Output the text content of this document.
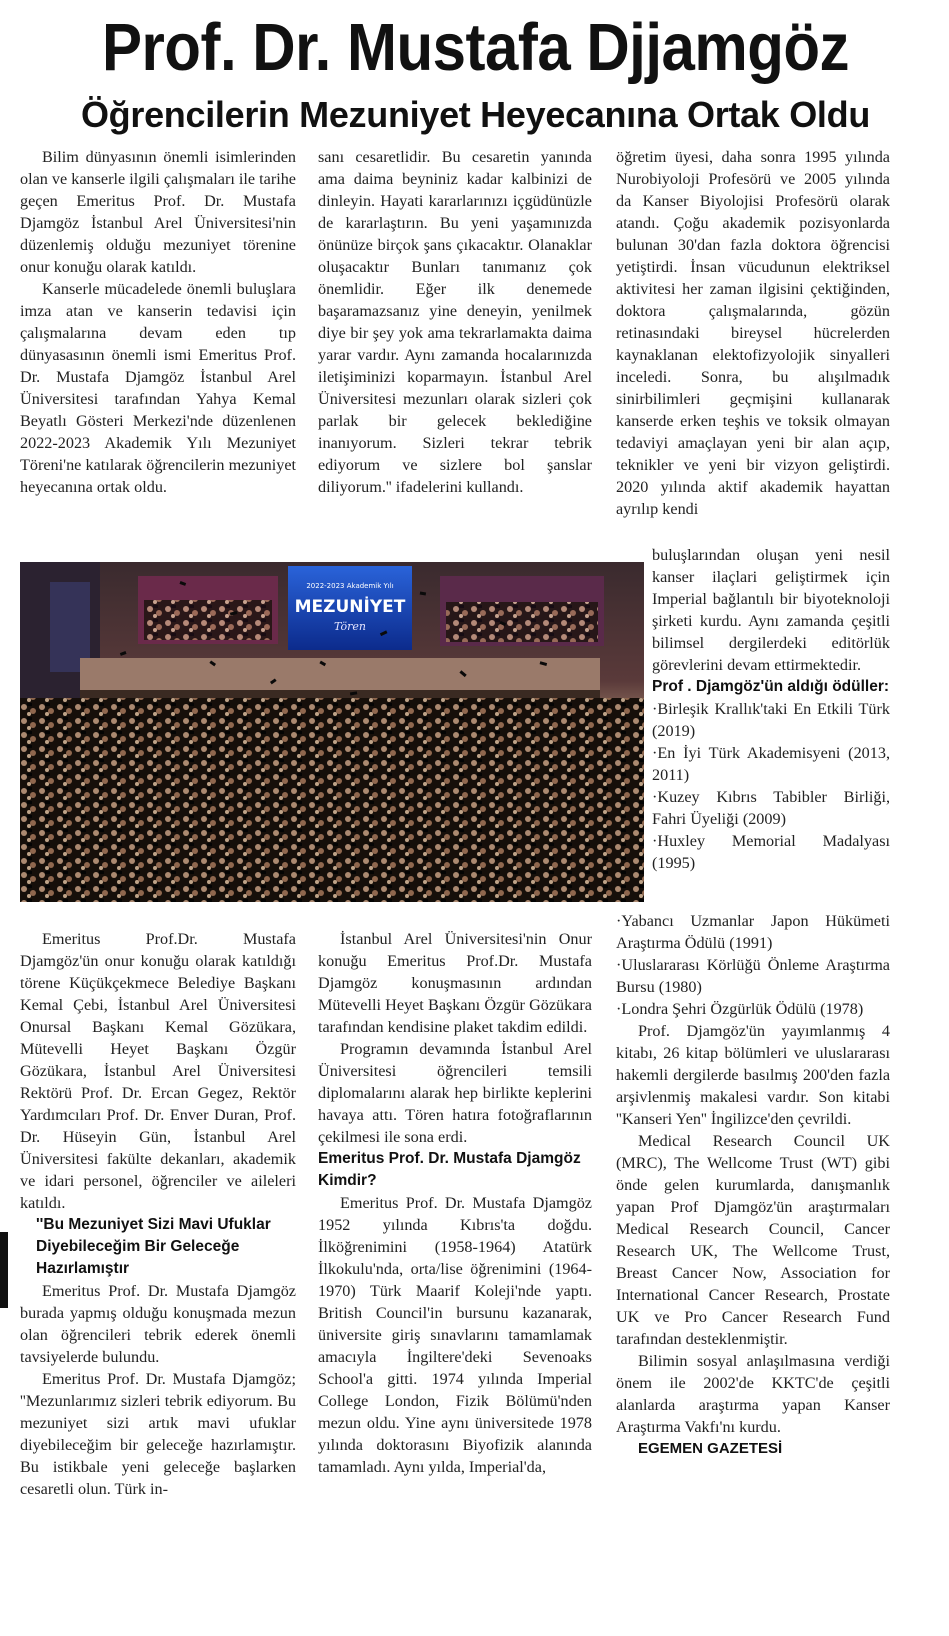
Prof. Dr. Mustafa Djjamgöz
Öğrencilerin Mezuniyet Heyecanına Ortak Oldu

Bilim dünyasının önemli isimlerinden olan ve kanserle ilgili çalışmaları ile tarihe geçen Emeritus Prof. Dr. Mustafa Djamgöz İstanbul Arel Üniversitesi'nin düzenlemiş olduğu mezuniyet törenine onur konuğu olarak katıldı.

Kanserle mücadelede önemli buluşlara imza atan ve kanserin tedavisi için çalışmalarına devam eden tıp dünyasasının önemli ismi Emeritus Prof. Dr. Mustafa Djamgöz İstanbul Arel Üniversitesi tarafından Yahya Kemal Beyatlı Gösteri Merkezi'nde düzenlenen 2022-2023 Akademik Yılı Mezuniyet Töreni'ne katılarak öğrencilerin mezuniyet heyecanına ortak oldu.

sanı cesaretlidir. Bu cesaretin yanında ama daima beyniniz kadar kalbinizi de dinleyin. Hayati kararlarınızı içgüdünüzle de kararlaştırın. Bu yeni yaşamınızda önünüze birçok şans çıkacaktır. Olanaklar oluşacaktır Bunları tanımanız çok önemlidir. Eğer ilk denemede başaramazsanız yine deneyin, yenilmek diye bir şey yok ama tekrarlamakta daima yarar vardır. Aynı zamanda hocalarınızda iletişiminizi koparmayın. İstanbul Arel Üniversitesi mezunları olarak sizleri çok parlak bir gelecek beklediğine inanıyorum. Sizleri tekrar tebrik ediyorum ve sizlere bol şanslar diliyorum.'' ifadelerini kullandı.

öğretim üyesi, daha sonra 1995 yılında Nurobiyoloji Profesörü ve 2005 yılında da Kanser Biyolojisi Profesörü olarak atandı. Çoğu akademik pozisyonlarda bulunan 30'dan fazla doktora öğrencisi yetiştirdi. İnsan vücudunun elektriksel aktivitesi her zaman ilgisini çektiğinden, doktora çalışmalarında, gözün retinasındaki bireysel hücrelerden kaynaklanan elektofizyolojik sinyalleri inceledi. Sonra, bu alışılmadık sinirbilimleri geçmişini kullanarak kanserde erken teşhis ve toksik olmayan tedaviyi amaçlayan yeni bir alan açıp, teknikler ve yeni bir vizyon geliştirdi. 2020 yılında aktif akademik hayattan ayrılıp kendi

buluşlarından oluşan yeni nesil kanser ilaçlari geliştirmek için Imperial bağlantılı bir biyoteknoloji şirketi kurdu. Aynı zamanda çeşitli bilimsel dergilerdeki editörlük görevlerini devam ettirmektedir.

Prof . Djamgöz'ün aldığı ödüller:

·Birleşik Krallık'taki En Etkili Türk (2019)

·En İyi Türk Akademisyeni (2013, 2011)

·Kuzey Kıbrıs Tabibler Birliği, Fahri Üyeliği (2009)

·Huxley Memorial Madalyası (1995)

·Yabancı Uzmanlar Japon Hükümeti Araştırma Ödülü (1991)

·Uluslararası Körlüğü Önleme Araştırma Bursu (1980)

·Londra Şehri Özgürlük Ödülü (1978)

Prof. Djamgöz'ün yayımlanmış 4 kitabı, 26 kitap bölümleri ve uluslararası hakemli dergilerde basılmış 200'den fazla arşivlenmiş makalesi vardır. Son kitabi ''Kanseri Yen'' İngilizce'den çevrildi.

Medical Research Council UK (MRC), The Wellcome Trust (WT) gibi önde gelen kurumlarda, danışmanlık yapan Prof Djamgöz'ün araştırmaları Medical Research Council, Cancer Research UK, The Wellcome Trust, Breast Cancer Now, Association for International Cancer Research, Prostate UK ve Pro Cancer Research Fund tarafından desteklenmiştir.

Bilimin sosyal anlaşılmasına verdiği önem ile 2002'de KKTC'de çeşitli alanlarda araştırma yapan Kanser Araştırma Vakfı'nı kurdu.

EGEMEN GAZETESİ
2022-2023 Akademik Yılı
MEZUNİYET
Tören

Emeritus Prof.Dr. Mustafa Djamgöz'ün onur konuğu olarak katıldığı törene Küçükçekmece Belediye Başkanı Kemal Çebi, İstanbul Arel Üniversitesi Onursal Başkanı Kemal Gözükara, Mütevelli Heyet Başkanı Özgür Gözükara, İstanbul Arel Üniversitesi Rektörü Prof. Dr. Ercan Gegez, Rektör Yardımcıları Prof. Dr. Enver Duran, Prof. Dr. Hüseyin Gün, İstanbul Arel Üniversitesi fakülte dekanları, akademik ve idari personel, öğrenciler ve aileleri katıldı.

''Bu Mezuniyet Sizi Mavi Ufuklar Diyebileceğim Bir Geleceğe Hazırlamıştır

Emeritus Prof. Dr. Mustafa Djamgöz burada yapmış olduğu konuşmada mezun olan öğrencileri tebrik ederek önemli tavsiyelerde bulundu.

Emeritus Prof. Dr. Mustafa Djamgöz; ''Mezunlarımız sizleri tebrik ediyorum. Bu mezuniyet sizi artık mavi ufuklar diyebileceğim bir geleceğe hazırlamıştır. Bu istikbale yeni geleceğe başlarken cesaretli olun. Türk in-

İstanbul Arel Üniversitesi'nin Onur konuğu Emeritus Prof.Dr. Mustafa Djamgöz konuşmasının ardından Mütevelli Heyet Başkanı Özgür Gözükara tarafından kendisine plaket takdim edildi.

Programın devamında İstanbul Arel Üniversitesi öğrencileri temsili diplomalarını alarak hep birlikte keplerini havaya attı. Tören hatıra fotoğraflarının çekilmesi ile sona erdi.

Emeritus Prof. Dr. Mustafa Djamgöz Kimdir?

Emeritus Prof. Dr. Mustafa Djamgöz 1952 yılında Kıbrıs'ta doğdu. İlköğrenimini (1958-1964) Atatürk İlkokulu'nda, orta/lise öğrenimini (1964-1970) Türk Maarif Koleji'nde yaptı. British Council'in bursunu kazanarak, üniversite giriş sınavlarını tamamlamak amacıyla İngiltere'deki Sevenoaks School'a gitti. 1974 yılında Imperial College London, Fizik Bölümü'nden mezun oldu. Yine aynı üniversitede 1978 yılında doktorasını Biyofizik alanında tamamladı. Aynı yılda, Imperial'da,
